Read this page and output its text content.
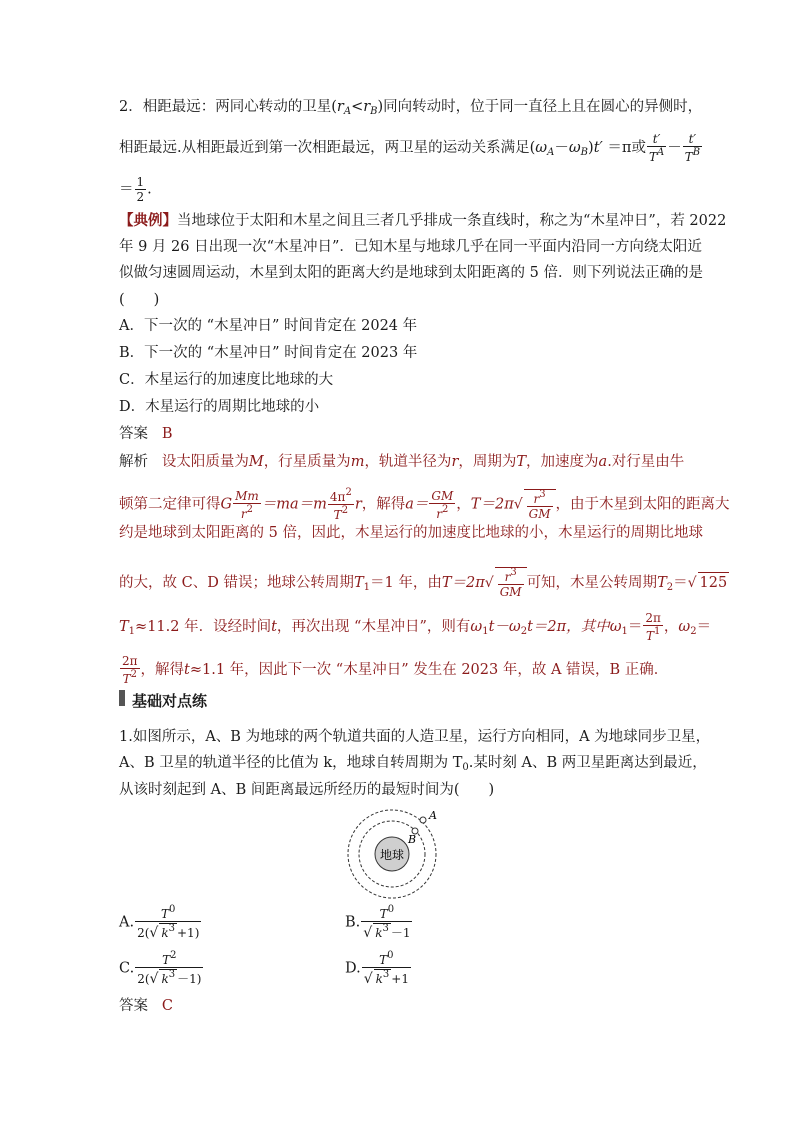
2．相距最远：两同心转动的卫星$(r_A<r_B)$同向转动时，位于同一直径上且在圆心的异侧时，
相距最远.从相距最近到第一次相距最远，两卫星的运动关系满足$(\omega_A-\omega_B)t' =\pi$或 $\frac{t'}{T^A} - \frac{t'}{T^B}$
＝ $\frac{1}{2}$ .
【典例】当地球位于太阳和木星之间且三者几乎排成一条直线时，称之为“木星冲日”，若 2022
年 9 月 26 日出现一次“木星冲日”．已知木星与地球几乎在同一平面内沿同一方向绕太阳近
似做匀速圆周运动，木星到太阳的距离大约是地球到太阳距离的 5 倍．则下列说法正确的是
(　　)
A．下一次的 “木星冲日” 时间肯定在 2024 年
B．下一次的 “木星冲日” 时间肯定在 2023 年
C．木星运行的加速度比地球的大
D．木星运行的周期比地球的小
答案 B
解析 设太阳质量为M，行星质量为m，轨道半径为r，周期为T，加速度为a.对行星由牛
顿第二定律可得G $\frac{Mm}{r^2} =ma=m \frac{4\pi^2}{T^2}$ r，解得$a= \frac{GM}{r^2}$ ，$T=2\pi√ \frac{r^3}{GM}$ ，由于木星到太阳的距离大
约是地球到太阳距离的 5 倍，因此，木星运行的加速度比地球的小，木星运行的周期比地球
的大，故 C、D 错误；地球公转周期$T_1=1$ 年，由$T=2\pi√ \frac{r^3}{GM}$ 可知，木星公转周期$T_2=√$ 125
$T_1\approx 11.2$ 年．设经时间t，再次出现 “木星冲日”，则有$\omega_1t-\omega_2t=2\pi$，其中$\omega_1= \frac{2\pi}{T^1}$ ，$\omega_2=$
$\frac{2\pi}{T^2}$ ，解得t≈1.1 年，因此下一次 “木星冲日” 发生在 2023 年，故 A 错误，B 正确．
基础对点练
1.如图所示，A、B 为地球的两个轨道共面的人造卫星，运行方向相同，A 为地球同步卫星，
A、B 卫星的轨道半径的比值为 k，地球自转周期为 $T_0$.某时刻 A、B 两卫星距离达到最近，
从该时刻起到 A、B 间距离最远所经历的最短时间为(　　)
地球
A
B
A. $\frac{T^0}{2(√ k^3 +1)}$	B. $\frac{T^0}{√ k^3 -1}$
C. $\frac{T^2}{2(√ k^3 -1)}$	D. $\frac{T^0}{√ k^3 +1}$
答案 C
